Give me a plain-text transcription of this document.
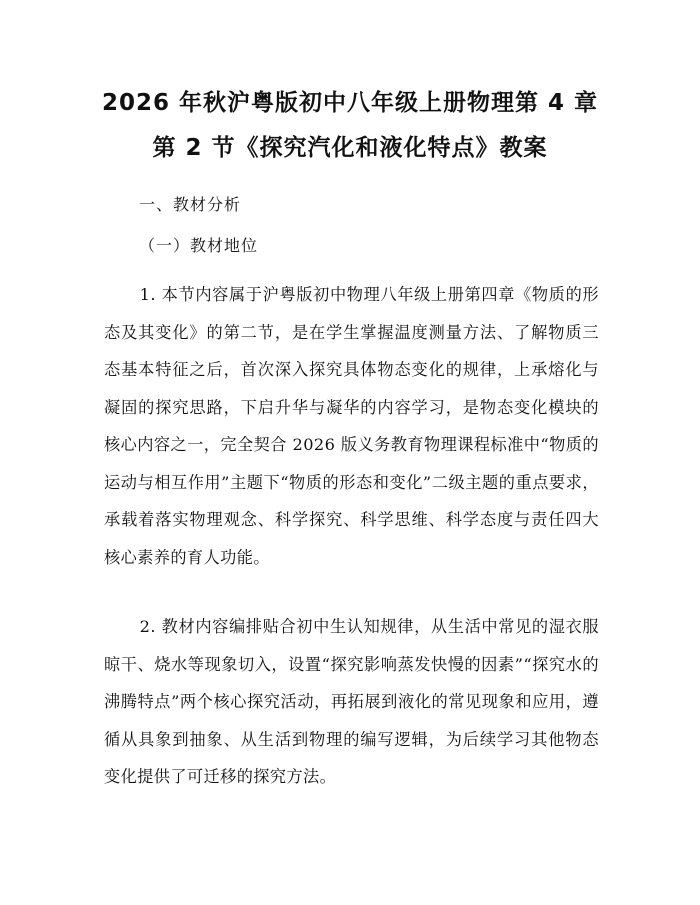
2026 年秋沪粤版初中八年级上册物理第 4 章
第 2 节《探究汽化和液化特点》教案

一、教材分析

（一）教材地位

1. 本节内容属于沪粤版初中物理八年级上册第四章《物质的形态及其变化》的第二节，是在学生掌握温度测量方法、了解物质三态基本特征之后，首次深入探究具体物态变化的规律，上承熔化与凝固的探究思路，下启升华与凝华的内容学习，是物态变化模块的核心内容之一，完全契合 2026 版义务教育物理课程标准中“物质的运动与相互作用”主题下“物质的形态和变化”二级主题的重点要求，承载着落实物理观念、科学探究、科学思维、科学态度与责任四大核心素养的育人功能。

2. 教材内容编排贴合初中生认知规律，从生活中常见的湿衣服晾干、烧水等现象切入，设置“探究影响蒸发快慢的因素”“探究水的沸腾特点”两个核心探究活动，再拓展到液化的常见现象和应用，遵循从具象到抽象、从生活到物理的编写逻辑，为后续学习其他物态变化提供了可迁移的探究方法。
